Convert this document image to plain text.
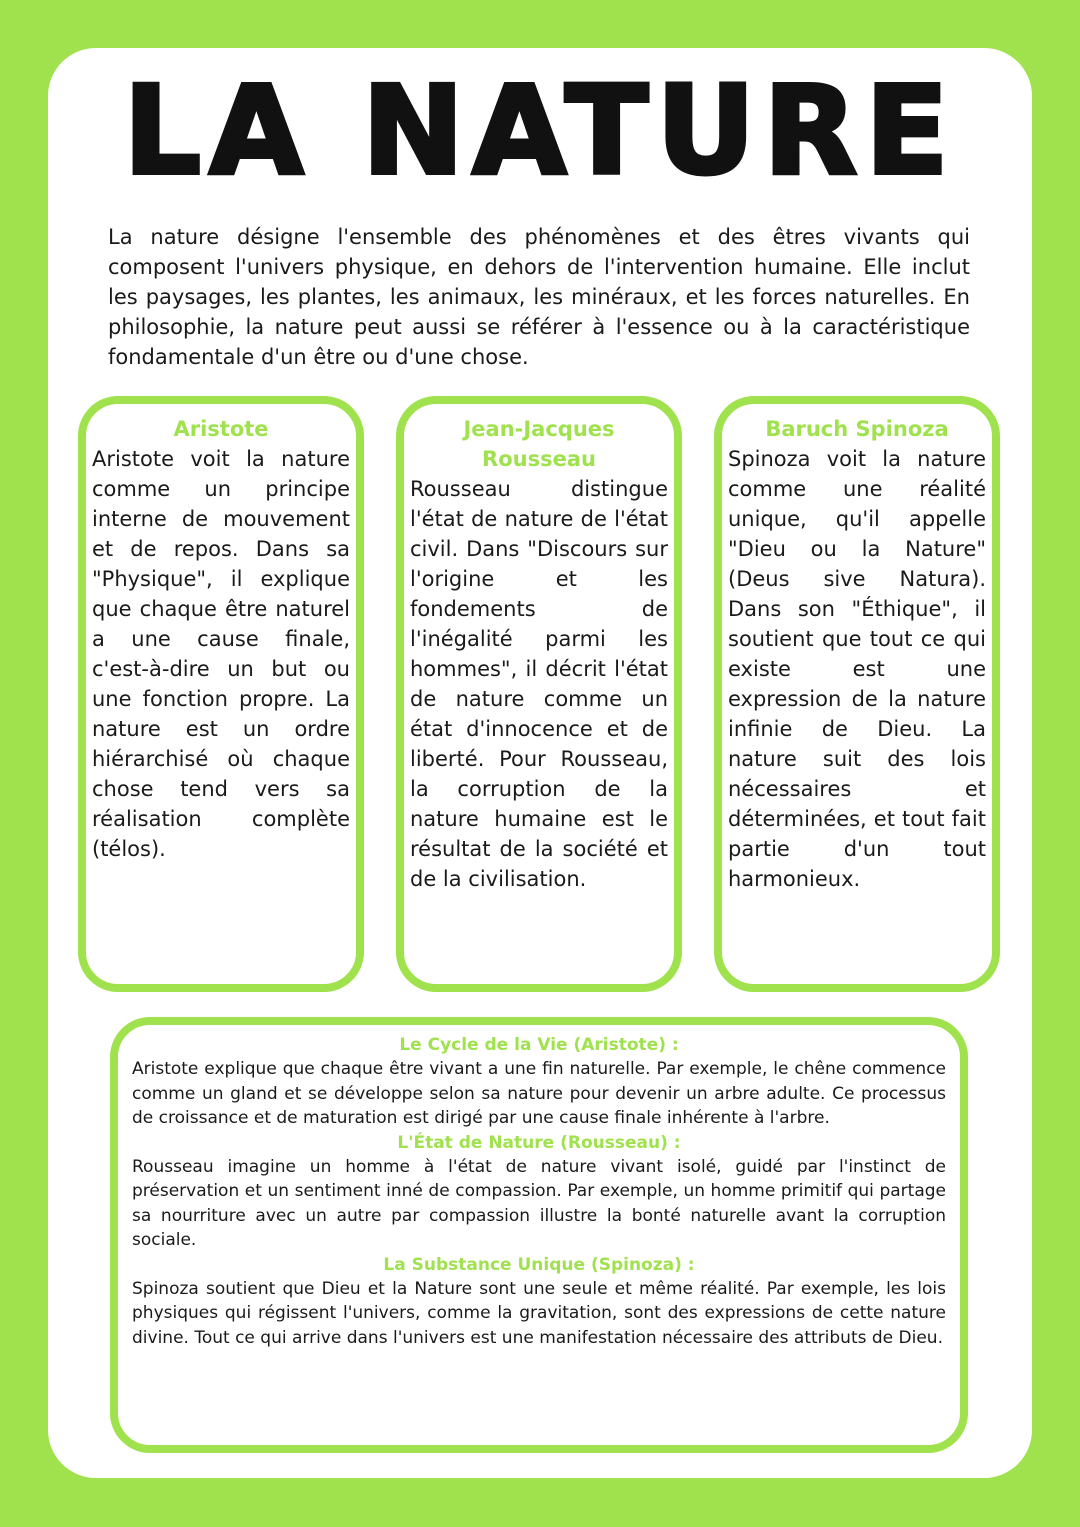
LA NATURE
La nature désigne l'ensemble des phénomènes et des êtres vivants qui composent l'univers physique, en dehors de l'intervention humaine. Elle inclut les paysages, les plantes, les animaux, les minéraux, et les forces naturelles. En philosophie, la nature peut aussi se référer à l'essence ou à la caractéristique fondamentale d'un être ou d'une chose.
Aristote
Aristote voit la nature comme un principe interne de mouvement et de repos. Dans sa "Physique", il explique que chaque être naturel a une cause finale, c'est-à-dire un but ou une fonction propre. La nature est un ordre hiérarchisé où chaque chose tend vers sa réalisation complète (télos).
Jean-Jacques Rousseau
Rousseau distingue l'état de nature de l'état civil. Dans "Discours sur l'origine et les fondements de l'inégalité parmi les hommes", il décrit l'état de nature comme un état d'innocence et de liberté. Pour Rousseau, la corruption de la nature humaine est le résultat de la société et de la civilisation.
Baruch Spinoza
Spinoza voit la nature comme une réalité unique, qu'il appelle "Dieu ou la Nature" (Deus sive Natura). Dans son "Éthique", il soutient que tout ce qui existe est une expression de la nature infinie de Dieu. La nature suit des lois nécessaires et déterminées, et tout fait partie d'un tout harmonieux.
Le Cycle de la Vie (Aristote) :
Aristote explique que chaque être vivant a une fin naturelle. Par exemple, le chêne commence comme un gland et se développe selon sa nature pour devenir un arbre adulte. Ce processus de croissance et de maturation est dirigé par une cause finale inhérente à l'arbre.
L'État de Nature (Rousseau) :
Rousseau imagine un homme à l'état de nature vivant isolé, guidé par l'instinct de préservation et un sentiment inné de compassion. Par exemple, un homme primitif qui partage sa nourriture avec un autre par compassion illustre la bonté naturelle avant la corruption sociale.
La Substance Unique (Spinoza) :
Spinoza soutient que Dieu et la Nature sont une seule et même réalité. Par exemple, les lois physiques qui régissent l'univers, comme la gravitation, sont des expressions de cette nature divine. Tout ce qui arrive dans l'univers est une manifestation nécessaire des attributs de Dieu.
